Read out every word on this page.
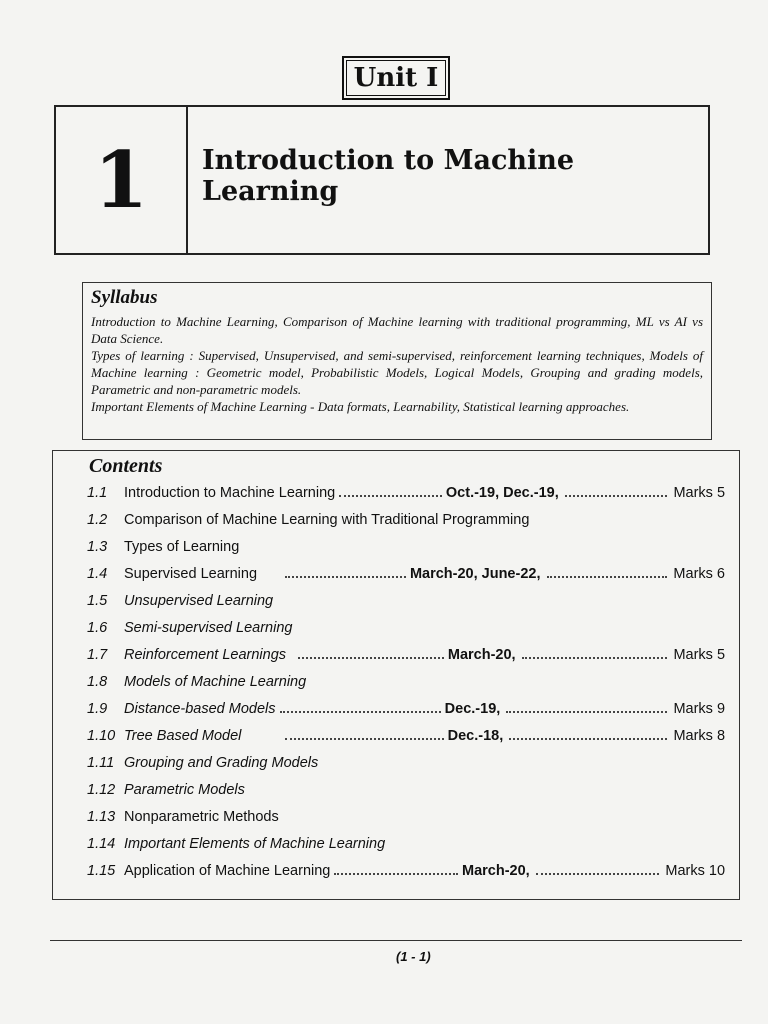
Unit I
1	Introduction to Machine Learning
Syllabus

Introduction to Machine Learning, Comparison of Machine learning with traditional programming, ML vs AI vs Data Science.

Types of learning : Supervised, Unsupervised, and semi-supervised, reinforcement learning techniques, Models of Machine learning : Geometric model, Probabilistic Models, Logical Models, Grouping and grading models, Parametric and non-parametric models.

Important Elements of Machine Learning - Data formats, Learnability, Statistical learning approaches.

Contents
1.1	Introduction to Machine Learning	Oct.-19, Dec.-19,	Marks 5
1.2	Comparison of Machine Learning with Traditional Programming
1.3	Types of Learning
1.4	Supervised Learning	March-20, June-22,	Marks 6
1.5	Unsupervised Learning
1.6	Semi-supervised Learning
1.7	Reinforcement Learnings	March-20,	Marks 5
1.8	Models of Machine Learning
1.9	Distance-based Models	Dec.-19,	Marks 9
1.10 Tree Based Model	Dec.-18,	Marks 8
1.11 Grouping and Grading Models
1.12 Parametric Models
1.13 Nonparametric Methods
1.14 Important Elements of Machine Learning
1.15 Application of Machine Learning	March-20,	Marks 10
(1 - 1)
